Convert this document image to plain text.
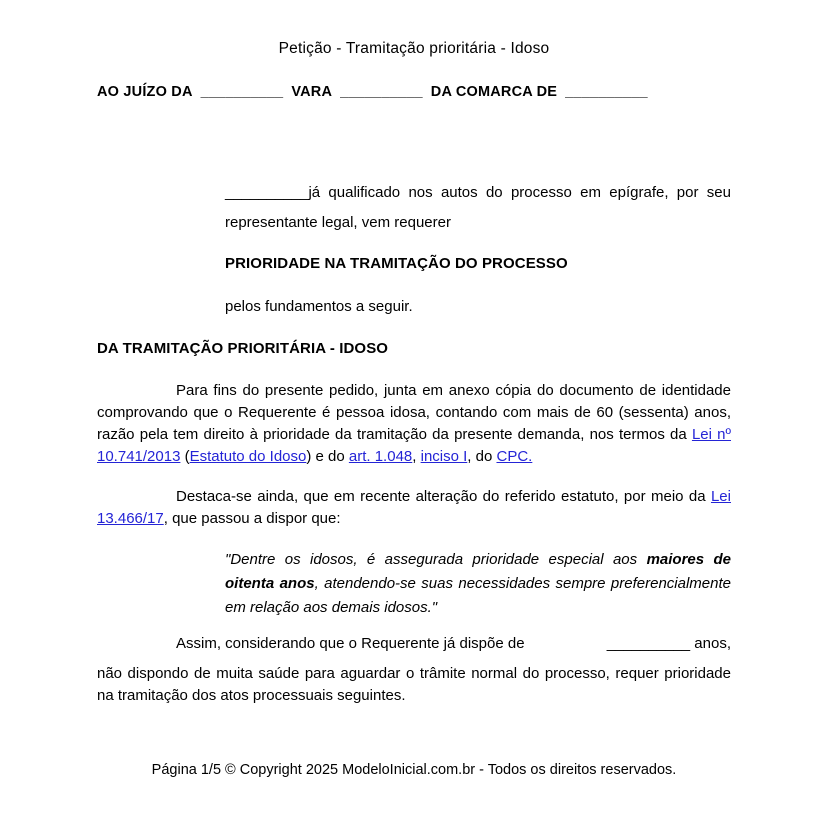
Petição - Tramitação prioritária - Idoso

AO JUÍZO DA __________ VARA __________ DA COMARCA DE __________

__________já qualificado nos autos do processo em epígrafe, por seu representante legal, vem requerer

PRIORIDADE NA TRAMITAÇÃO DO PROCESSO

pelos fundamentos a seguir.

DA TRAMITAÇÃO PRIORITÁRIA - IDOSO

Para fins do presente pedido, junta em anexo cópia do documento de identidade comprovando que o Requerente é pessoa idosa, contando com mais de 60 (sessenta) anos, razão pela tem direito à prioridade da tramitação da presente demanda, nos termos da Lei nº 10.741/2013 (Estatuto do Idoso) e do art. 1.048, inciso I, do CPC.

Destaca-se ainda, que em recente alteração do referido estatuto, por meio da Lei 13.466/17, que passou a dispor que:

"Dentre os idosos, é assegurada prioridade especial aos maiores de oitenta anos, atendendo-se suas necessidades sempre preferencialmente em relação aos demais idosos."
Assim, considerando que o Requerente já dispõe de	__________ anos,

não dispondo de muita saúde para aguardar o trâmite normal do processo, requer prioridade na tramitação dos atos processuais seguintes.

Página 1/5 © Copyright 2025 ModeloInicial.com.br - Todos os direitos reservados.
